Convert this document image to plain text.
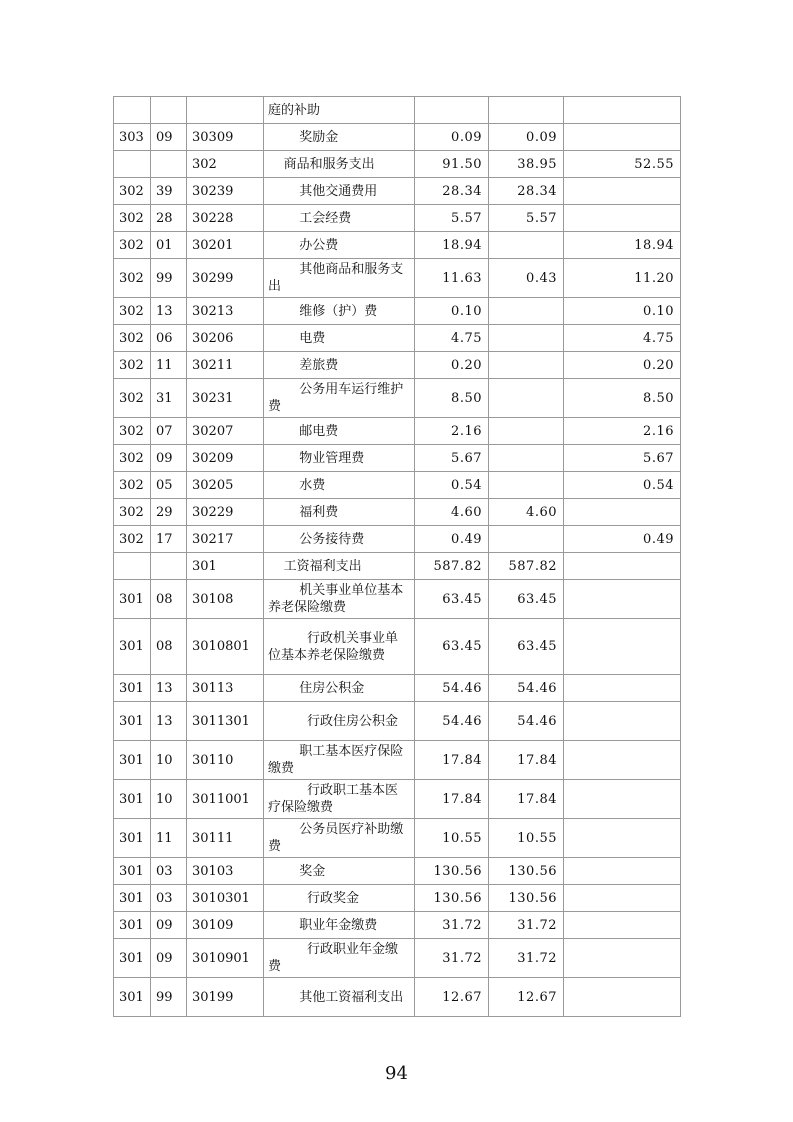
			庭的补助			
303	09	30309	奖励金	0.09	0.09	
		302	商品和服务支出	91.50	38.95	52.55
302	39	30239	其他交通费用	28.34	28.34	
302	28	30228	工会经费	5.57	5.57	
302	01	30201	办公费	18.94		18.94
302	99	30299	其他商品和服务支出	11.63	0.43	11.20
302	13	30213	维修（护）费	0.10		0.10
302	06	30206	电费	4.75		4.75
302	11	30211	差旅费	0.20		0.20
302	31	30231	公务用车运行维护费	8.50		8.50
302	07	30207	邮电费	2.16		2.16
302	09	30209	物业管理费	5.67		5.67
302	05	30205	水费	0.54		0.54
302	29	30229	福利费	4.60	4.60	
302	17	30217	公务接待费	0.49		0.49
		301	工资福利支出	587.82	587.82	
301	08	30108	机关事业单位基本养老保险缴费	63.45	63.45	
301	08	3010801	行政机关事业单位基本养老保险缴费	63.45	63.45	
301	13	30113	住房公积金	54.46	54.46	
301	13	3011301	行政住房公积金	54.46	54.46	
301	10	30110	职工基本医疗保险缴费	17.84	17.84	
301	10	3011001	行政职工基本医疗保险缴费	17.84	17.84	
301	11	30111	公务员医疗补助缴费	10.55	10.55	
301	03	30103	奖金	130.56	130.56	
301	03	3010301	行政奖金	130.56	130.56	
301	09	30109	职业年金缴费	31.72	31.72	
301	09	3010901	行政职业年金缴费	31.72	31.72	
301	99	30199	其他工资福利支出	12.67	12.67	
94
